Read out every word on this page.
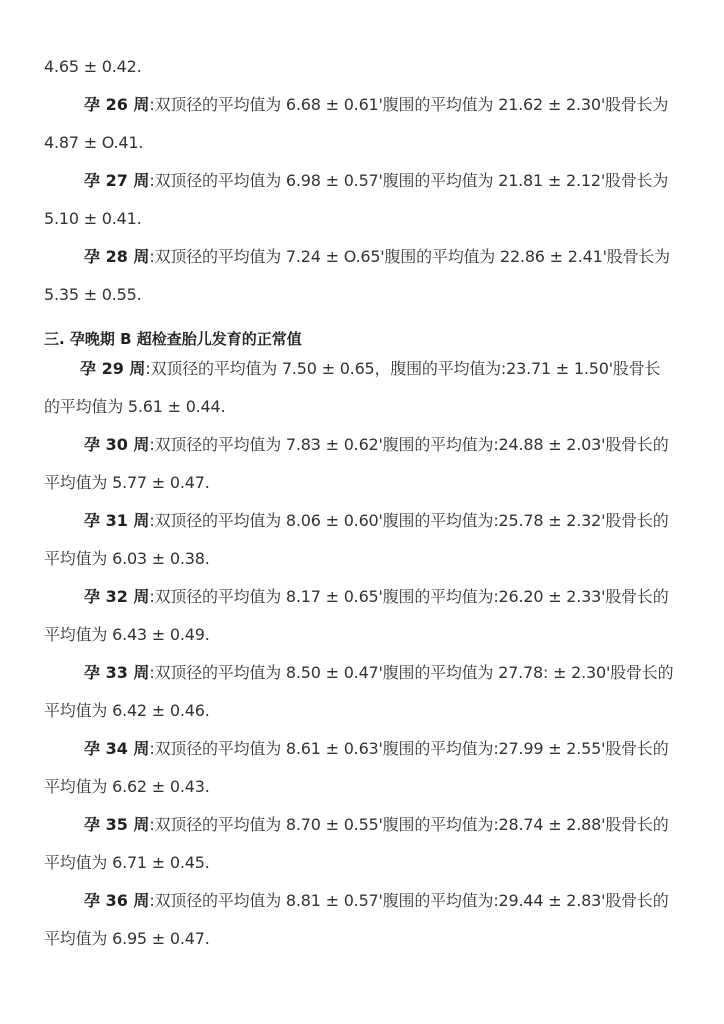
4.65 ± 0.42.
孕 26 周:双顶径的平均值为 6.68 ± 0.61'腹围的平均值为 21.62 ± 2.30'股骨长为
4.87 ± O.41.
孕 27 周:双顶径的平均值为 6.98 ± 0.57'腹围的平均值为 21.81 ± 2.12'股骨长为
5.10 ± 0.41.
孕 28 周:双顶径的平均值为 7.24 ± O.65'腹围的平均值为 22.86 ± 2.41'股骨长为
5.35 ± 0.55.
三. 孕晚期 B 超检查胎儿发育的正常值
孕 29 周:双顶径的平均值为 7.50 ± 0.65，腹围的平均值为:23.71 ± 1.50'股骨长
的平均值为 5.61 ± 0.44.
孕 30 周:双顶径的平均值为 7.83 ± 0.62'腹围的平均值为:24.88 ± 2.03'股骨长的
平均值为 5.77 ± 0.47.
孕 31 周:双顶径的平均值为 8.06 ± 0.60'腹围的平均值为:25.78 ± 2.32'股骨长的
平均值为 6.03 ± 0.38.
孕 32 周:双顶径的平均值为 8.17 ± 0.65'腹围的平均值为:26.20 ± 2.33'股骨长的
平均值为 6.43 ± 0.49.
孕 33 周:双顶径的平均值为 8.50 ± 0.47'腹围的平均值为 27.78: ± 2.30'股骨长的
平均值为 6.42 ± 0.46.
孕 34 周:双顶径的平均值为 8.61 ± 0.63'腹围的平均值为:27.99 ± 2.55'股骨长的
平均值为 6.62 ± 0.43.
孕 35 周:双顶径的平均值为 8.70 ± 0.55'腹围的平均值为:28.74 ± 2.88'股骨长的
平均值为 6.71 ± 0.45.
孕 36 周:双顶径的平均值为 8.81 ± 0.57'腹围的平均值为:29.44 ± 2.83'股骨长的
平均值为 6.95 ± 0.47.
